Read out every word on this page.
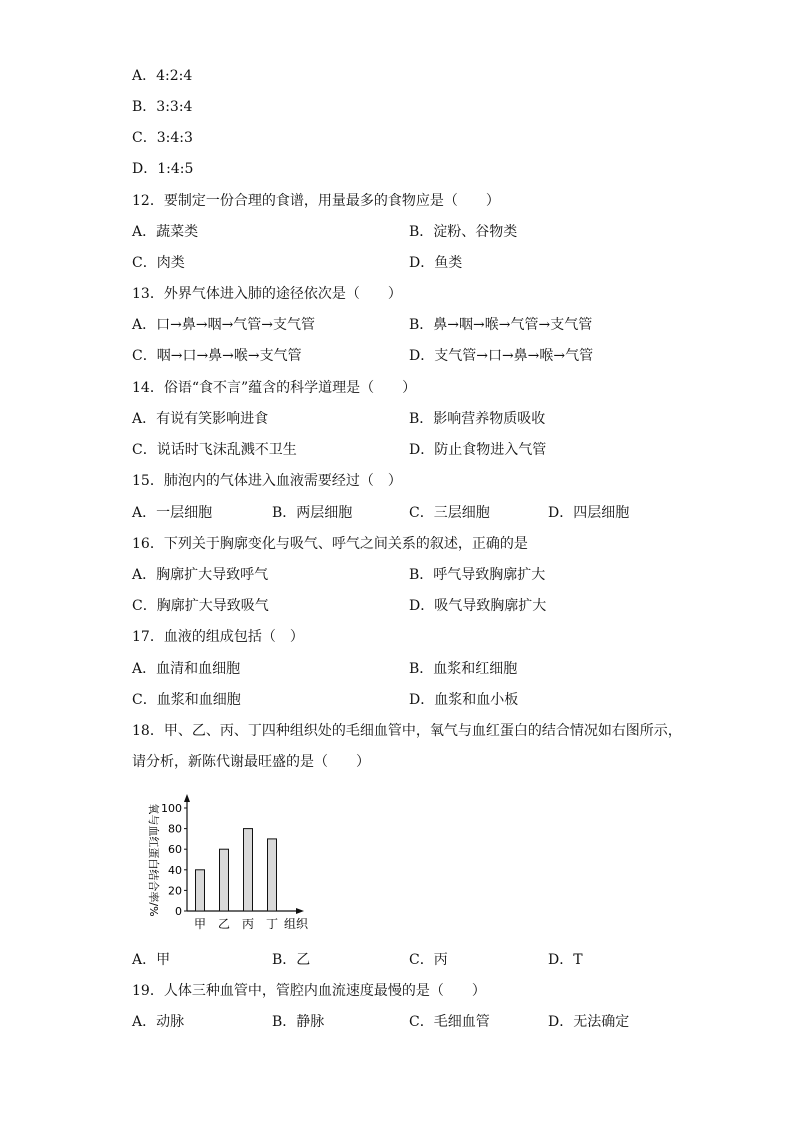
A．4:2:4
B．3:3:4
C．3:4:3
D．1:4:5
12．要制定一份合理的食谱，用量最多的食物应是（　　）
A．蔬菜类	B．淀粉、谷物类
C．肉类	D．鱼类
13．外界气体进入肺的途径依次是（　　）
A．口→鼻→咽→气管→支气管	B．鼻→咽→喉→气管→支气管
C．咽→口→鼻→喉→支气管	D．支气管→口→鼻→喉→气管
14．俗语“食不言”蕴含的科学道理是（　　）
A．有说有笑影响进食	B．影响营养物质吸收
C．说话时飞沫乱溅不卫生	D．防止食物进入气管
15．肺泡内的气体进入血液需要经过（　）
A．一层细胞	B．两层细胞	C．三层细胞	D．四层细胞
16．下列关于胸廓变化与吸气、呼气之间关系的叙述，正确的是
A．胸廓扩大导致呼气	B．呼气导致胸廓扩大
C．胸廓扩大导致吸气	D．吸气导致胸廓扩大
17．血液的组成包括（　）
A．血清和血细胞	B．血浆和红细胞
C．血浆和血细胞	D．血浆和血小板
18．甲、乙、丙、丁四种组织处的毛细血管中，氧气与血红蛋白的结合情况如右图所示，
请分析，新陈代谢最旺盛的是（　　）
氧与血红蛋白结合率/% 0
20
40
60
80
100
甲 乙 丙 丁 组织
A．甲	B．乙	C．丙	D．T
19．人体三种血管中，管腔内血流速度最慢的是（　　）
A．动脉	B．静脉	C．毛细血管	D．无法确定
